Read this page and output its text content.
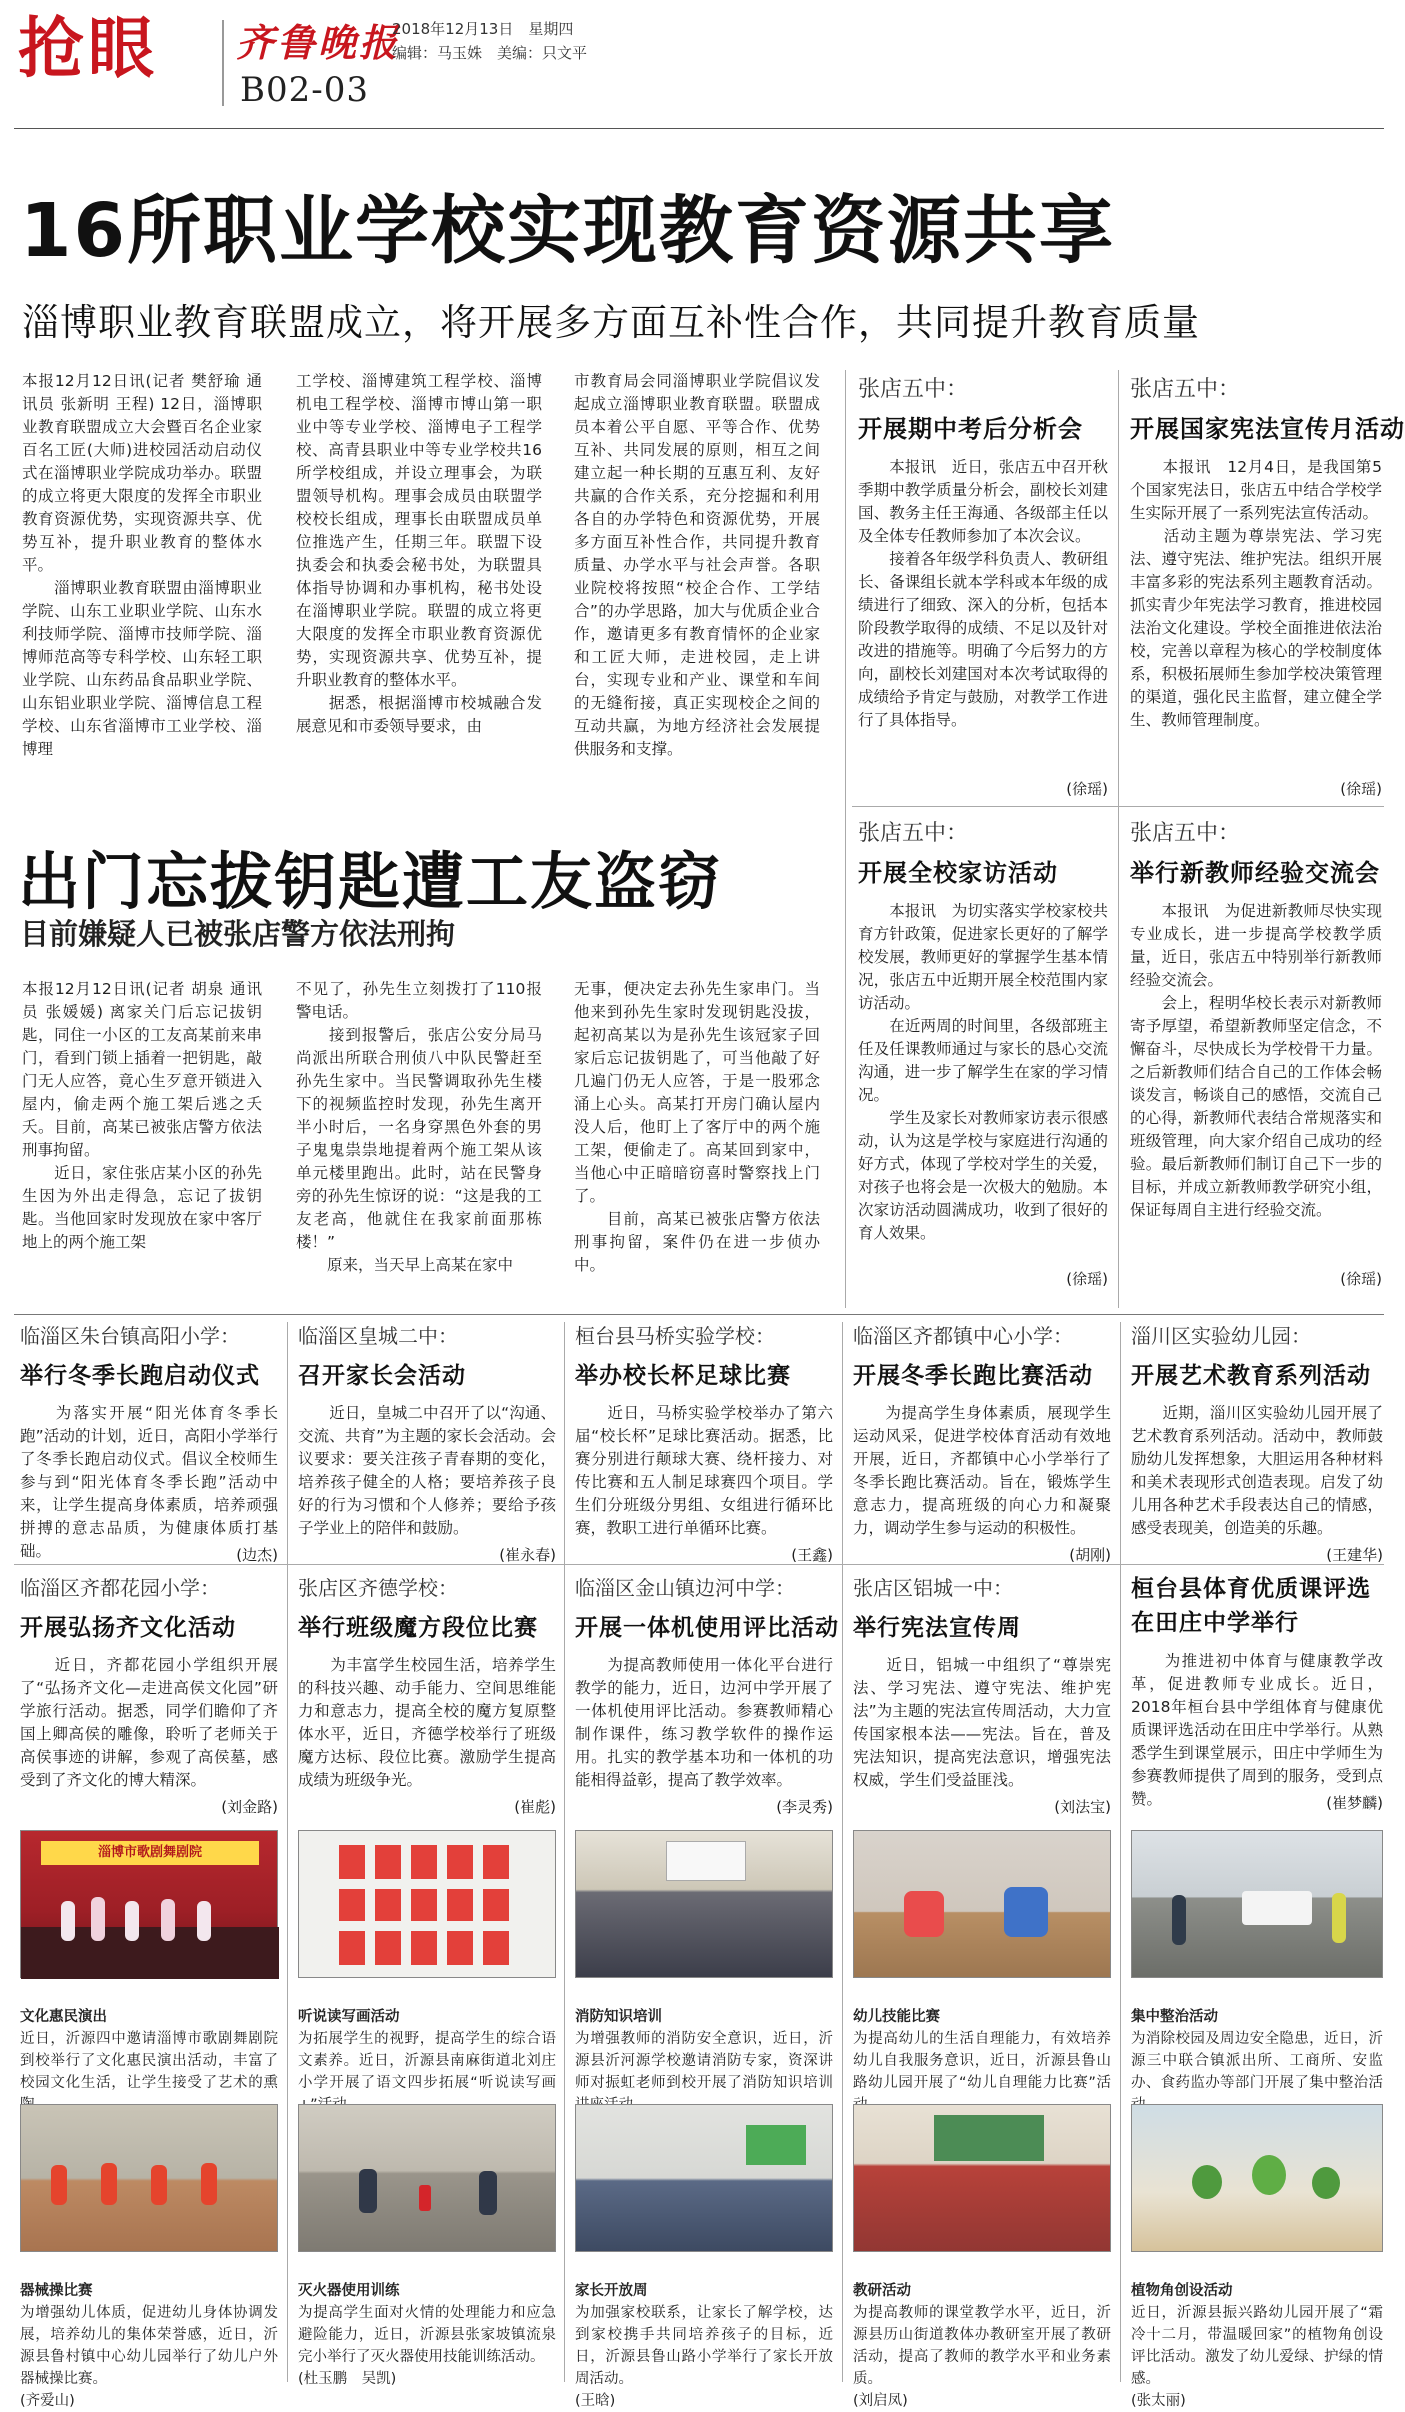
抢眼 齐鲁晚报
2018年12月13日　星期四
编辑：马玉姝　美编：只文平
B02-03
16所职业学校实现教育资源共享
淄博职业教育联盟成立，将开展多方面互补性合作，共同提升教育质量
本报12月12日讯(记者 樊舒瑜 通讯员 张新明 王程) 12日，淄博职业教育联盟成立大会暨百名企业家百名工匠(大师)进校园活动启动仪式在淄博职业学院成功举办。联盟的成立将更大限度的发挥全市职业教育资源优势，实现资源共享、优势互补，提升职业教育的整体水平。
　　淄博职业教育联盟由淄博职业学院、山东工业职业学院、山东水利技师学院、淄博市技师学院、淄博师范高等专科学校、山东轻工职业学院、山东药品食品职业学院、山东铝业职业学院、淄博信息工程学校、山东省淄博市工业学校、淄博理
工学校、淄博建筑工程学校、淄博机电工程学校、淄博市博山第一职业中等专业学校、淄博电子工程学校、高青县职业中等专业学校共16所学校组成，并设立理事会，为联盟领导机构。理事会成员由联盟学校校长组成，理事长由联盟成员单位推选产生，任期三年。联盟下设执委会和执委会秘书处，为联盟具体指导协调和办事机构，秘书处设在淄博职业学院。联盟的成立将更大限度的发挥全市职业教育资源优势，实现资源共享、优势互补，提升职业教育的整体水平。
　　据悉，根据淄博市校城融合发展意见和市委领导要求，由
市教育局会同淄博职业学院倡议发起成立淄博职业教育联盟。联盟成员本着公平自愿、平等合作、优势互补、共同发展的原则，相互之间建立起一种长期的互惠互利、友好共赢的合作关系，充分挖掘和利用各自的办学特色和资源优势，开展多方面互补性合作，共同提升教育质量、办学水平与社会声誉。各职业院校将按照“校企合作、工学结合”的办学思路，加大与优质企业合作，邀请更多有教育情怀的企业家和工匠大师，走进校园，走上讲台，实现专业和产业、课堂和车间的无缝衔接，真正实现校企之间的互动共赢，为地方经济社会发展提供服务和支撑。
出门忘拔钥匙遭工友盗窃
目前嫌疑人已被张店警方依法刑拘
本报12月12日讯(记者 胡泉 通讯员 张媛媛) 离家关门后忘记拔钥匙，同住一小区的工友高某前来串门，看到门锁上插着一把钥匙，敲门无人应答，竟心生歹意开锁进入屋内，偷走两个施工架后逃之夭夭。目前，高某已被张店警方依法刑事拘留。
　　近日，家住张店某小区的孙先生因为外出走得急，忘记了拔钥匙。当他回家时发现放在家中客厅地上的两个施工架
不见了，孙先生立刻拨打了110报警电话。
　　接到报警后，张店公安分局马尚派出所联合刑侦八中队民警赶至孙先生家中。当民警调取孙先生楼下的视频监控时发现，孙先生离开半小时后，一名身穿黑色外套的男子鬼鬼祟祟地提着两个施工架从该单元楼里跑出。此时，站在民警身旁的孙先生惊讶的说：“这是我的工友老高，他就住在我家前面那栋楼！”
　　原来，当天早上高某在家中
无事，便决定去孙先生家串门。当他来到孙先生家时发现钥匙没拔，起初高某以为是孙先生该冠家子回家后忘记拔钥匙了，可当他敲了好几遍门仍无人应答，于是一股邪念涌上心头。高某打开房门确认屋内没人后，他盯上了客厅中的两个施工架，便偷走了。高某回到家中，当他心中正暗暗窃喜时警察找上门了。
　　目前，高某已被张店警方依法刑事拘留，案件仍在进一步侦办中。
张店五中：
开展期中考后分析会
　　本报讯　近日，张店五中召开秋季期中教学质量分析会，副校长刘建国、教务主任王海通、各级部主任以及全体专任教师参加了本次会议。
　　接着各年级学科负责人、教研组长、备课组长就本学科或本年级的成绩进行了细致、深入的分析，包括本阶段教学取得的成绩、不足以及针对改进的措施等。明确了今后努力的方向，副校长刘建国对本次考试取得的成绩给予肯定与鼓励，对教学工作进行了具体指导。
(徐瑶)
张店五中：
开展国家宪法宣传月活动
　　本报讯　12月4日，是我国第5个国家宪法日，张店五中结合学校学生实际开展了一系列宪法宣传活动。
　　活动主题为尊崇宪法、学习宪法、遵守宪法、维护宪法。组织开展丰富多彩的宪法系列主题教育活动。抓实青少年宪法学习教育，推进校园法治文化建设。学校全面推进依法治校，完善以章程为核心的学校制度体系，积极拓展师生参加学校决策管理的渠道，强化民主监督，建立健全学生、教师管理制度。
(徐瑶)
张店五中：
开展全校家访活动
　　本报讯　为切实落实学校家校共育方针政策，促进家长更好的了解学校发展，教师更好的掌握学生基本情况，张店五中近期开展全校范围内家访活动。
　　在近两周的时间里，各级部班主任及任课教师通过与家长的恳心交流沟通，进一步了解学生在家的学习情况。
　　学生及家长对教师家访表示很感动，认为这是学校与家庭进行沟通的好方式，体现了学校对学生的关爱，对孩子也将会是一次极大的勉励。本次家访活动圆满成功，收到了很好的育人效果。
(徐瑶)
张店五中：
举行新教师经验交流会
　　本报讯　为促进新教师尽快实现专业成长，进一步提高学校教学质量，近日，张店五中特别举行新教师经验交流会。
　　会上，程明华校长表示对新教师寄予厚望，希望新教师坚定信念，不懈奋斗，尽快成长为学校骨干力量。之后新教师们结合自己的工作体会畅谈发言，畅谈自己的感悟，交流自己的心得，新教师代表结合常规落实和班级管理，向大家介绍自己成功的经验。最后新教师们制订自己下一步的目标，并成立新教师教学研究小组，保证每周自主进行经验交流。
(徐瑶)
临淄区朱台镇高阳小学：
举行冬季长跑启动仪式
　　为落实开展“阳光体育冬季长跑”活动的计划，近日，高阳小学举行了冬季长跑启动仪式。倡议全校师生参与到“阳光体育冬季长跑”活动中来，让学生提高身体素质，培养顽强拼搏的意志品质，为健康体质打基础。	(边杰)
临淄区皇城二中：
召开家长会活动
　　近日，皇城二中召开了以“沟通、交流、共育”为主题的家长会活动。会议要求：要关注孩子青春期的变化，培养孩子健全的人格；要培养孩子良好的行为习惯和个人修养；要给予孩子学业上的陪伴和鼓励。
(崔永春)
桓台县马桥实验学校：
举办校长杯足球比赛
　　近日，马桥实验学校举办了第六届“校长杯”足球比赛活动。据悉，比赛分别进行颠球大赛、绕杆接力、对传比赛和五人制足球赛四个项目。学生们分班级分男组、女组进行循环比赛，教职工进行单循环比赛。
(王鑫)
临淄区齐都镇中心小学：
开展冬季长跑比赛活动
　　为提高学生身体素质，展现学生运动风采，促进学校体育活动有效地开展，近日，齐都镇中心小学举行了冬季长跑比赛活动。旨在，锻炼学生意志力，提高班级的向心力和凝聚力，调动学生参与运动的积极性。
(胡刚)
淄川区实验幼儿园：
开展艺术教育系列活动
　　近期，淄川区实验幼儿园开展了艺术教育系列活动。活动中，教师鼓励幼儿发挥想象，大胆运用各种材料和美术表现形式创造表现。启发了幼儿用各种艺术手段表达自己的情感，感受表现美，创造美的乐趣。
(王建华)
临淄区齐都花园小学：
开展弘扬齐文化活动
　　近日，齐都花园小学组织开展了“弘扬齐文化—走进高侯文化园”研学旅行活动。据悉，同学们瞻仰了齐国上卿高侯的雕像，聆听了老师关于高侯事迹的讲解，参观了高侯墓，感受到了齐文化的博大精深。
(刘金路)
张店区齐德学校：
举行班级魔方段位比赛
　　为丰富学生校园生活，培养学生的科技兴趣、动手能力、空间思维能力和意志力，提高全校的魔方复原整体水平，近日，齐德学校举行了班级魔方达标、段位比赛。激励学生提高成绩为班级争光。
(崔彪)
临淄区金山镇边河中学：
开展一体机使用评比活动
　　为提高教师使用一体化平台进行教学的能力，近日，边河中学开展了一体机使用评比活动。参赛教师精心制作课件，练习教学软件的操作运用。扎实的教学基本功和一体机的功能相得益彰，提高了教学效率。
(李灵秀)
张店区铝城一中：
举行宪法宣传周
　　近日，铝城一中组织了“尊崇宪法、学习宪法、遵守宪法、维护宪法”为主题的宪法宣传周活动，大力宣传国家根本法——宪法。旨在，普及宪法知识，提高宪法意识，增强宪法权威，学生们受益匪浅。
(刘法宝)
桓台县体育优质课评选在田庄中学举行
　　为推进初中体育与健康教学改革，促进教师专业成长。近日，2018年桓台县中学组体育与健康优质课评选活动在田庄中学举行。从熟悉学生到课堂展示，田庄中学师生为参赛教师提供了周到的服务，受到点赞。	(崔梦麟)
淄博市歌剧舞剧院

文化惠民演出
近日，沂源四中邀请淄博市歌剧舞剧院到校举行了文化惠民演出活动，丰富了校园文化生活，让学生接受了艺术的熏

听说读写画活动
为拓展学生的视野，提高学生的综合语文素养。近日，沂源县南麻街道北刘庄小学开展了语文四步拓展“听说读写画

消防知识培训
为增强教师的消防安全意识，近日，沂源县沂河源学校邀请消防专家，资深讲师对振虹老师到校开展了消防知识培训

幼儿技能比赛
为提高幼儿的生活自理能力，有效培养幼儿自我服务意识，近日，沂源县鲁山路幼儿园开展了“幼儿自理能力比赛”活

集中整治活动
为消除校园及周边安全隐患，近日，沂源三中联合镇派出所、工商所、安监办、食药监办等部门开展了集中整治活

器械操比赛
为增强幼儿体质，促进幼儿身体协调发展，培养幼儿的集体荣誉感，近日，沂源县鲁村镇中心幼儿园举行了幼儿户外器械操比赛。
(齐爱山)

灭火器使用训练
为提高学生面对火情的处理能力和应急避险能力，近日，沂源县张家坡镇流泉完小举行了灭火器使用技能训练活动。
(杜玉鹏　吴凯)

家长开放周
为加强家校联系，让家长了解学校，达到家校携手共同培养孩子的目标，近日，沂源县鲁山路小学举行了家长开放周活动。
(王晗)

教研活动
为提高教师的课堂教学水平，近日，沂源县历山街道教体办教研室开展了教研活动，提高了教师的教学水平和业务素质。
(刘启凤)

植物角创设活动
近日，沂源县振兴路幼儿园开展了“霜冷十二月，带温暖回家”的植物角创设评比活动。激发了幼儿爱绿、护绿的情感。
(张太丽)
